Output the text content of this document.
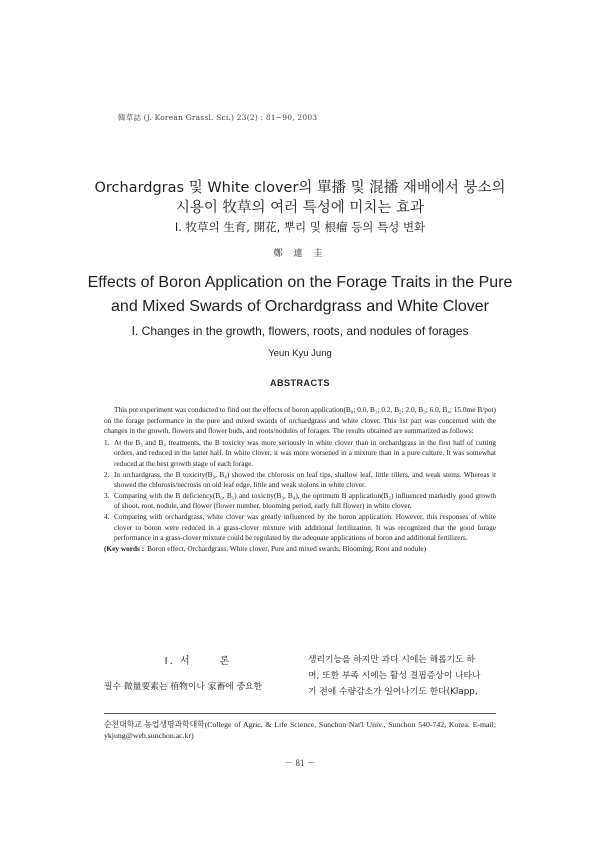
韓草誌 (J. Korean Grassl. Sci.) 23(2) : 81~90, 2003
Orchardgras 및 White clover의 單播 및 混播 재배에서 붕소의
시용이 牧草의 여러 특성에 미치는 효과
Ⅰ. 牧草의 生育, 開花, 뿌리 및 根瘤 등의 특성 변화
鄭 連 圭
Effects of Boron Application on the Forage Traits in the Pure
and Mixed Swards of Orchardgrass and White Clover
Ⅰ. Changes in the growth, flowers, roots, and nodules of forages
Yeun Kyu Jung
ABSTRACTS

This pot experiment was conducted to find out the effects of boron application(B₀; 0.0, B₁; 0.2, B₂; 2.0, B₃; 6.0, B₄; 15.0me B/pot) on the forage performance in the pure and mixed swards of orchardgrass and white clover. This 1st part was concerned with the changes in the growth, flowers and flower buds, and roots/nodules of forages. The results obtained are summarized as follows:

1. At the B₃ and B₄ treatments, the B toxicity was more seriously in white clover than in orchardgrass in the first half of cutting orders, and reduced in the latter half. In white clover, it was more worsened in a mixture than in a pure culture. It was somewhat reduced at the best growth stage of each forage.
2. In orchardgrass, the B toxicity(B₃, B₄) showed the chlorosis on leaf tips, shallow leaf, little tillers, and weak stems. Whereas it showed the chlorosis/necrosis on old leaf edge, little and weak stolons in white clover.
3. Comparing with the B deficiency(B₀, B₁) and toxicity(B₃, B₄), the optimum B application(B₂) influenced markedly good growth of shoot, root, nodule, and flower (flower number, blooming period, early full flower) in white clover.
4. Comparing with orchardgrass, white clover was greatly influenced by the boron application. However, this responses of white clover to boron were reduced in a grass-clover mixture with additional fertilization. It was recognized that the good forage performance in a grass-clover mixture could be regulated by the adequate applications of boron and additional fertilizers.
(Key words : Boron effect, Orchardgrass, White clover, Pure and mixed swards, Blooming, Root and nodule)
Ⅰ. 서	론
필수 微量要素는 植物이나 家畜에 중요한
생리기능을 하지만 과다 시에는 해롭기도 하
며, 또한 부족 시에는 활성 결핍증상이 나타나
기 전에 수량감소가 일어나기도 한다(Klapp,
순천대학교 농업생명과학대학(College of Agric. & Life Science, Sunchon Nat'l Univ., Sunchon 540-742, Korea. E-mail; ykjung@web.sunchon.ac.kr)
－ 81 －
